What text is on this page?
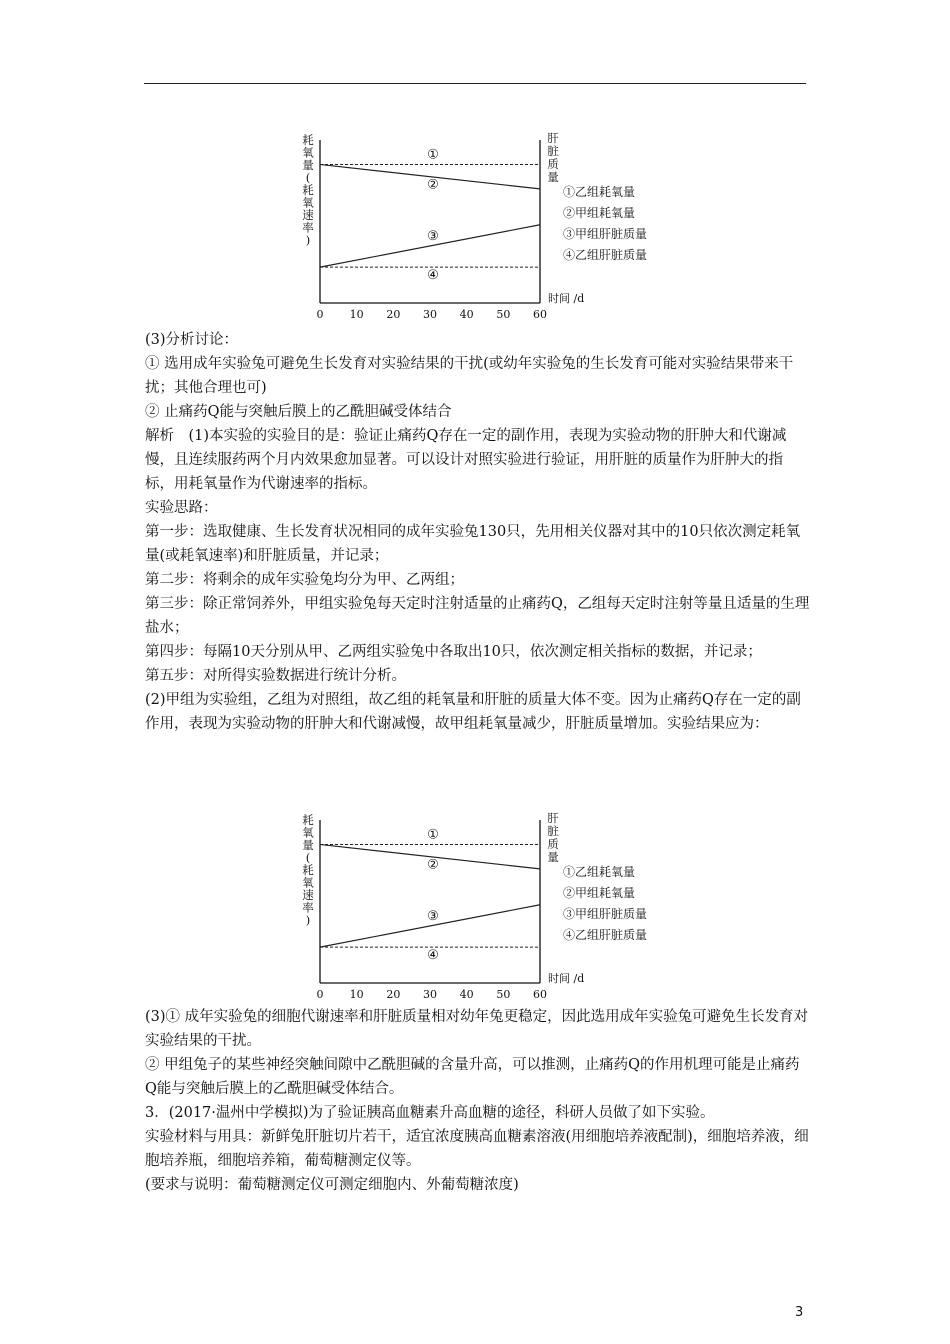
耗
氧
量
(
耗
氧
速
率
)
肝
脏
质
量
0 10 20 30 40 50 60
时间 /d
①
②
③
④
①乙组耗氧量
②甲组耗氧量
③甲组肝脏质量
④乙组肝脏质量

(3)分析讨论：

① 选用成年实验兔可避免生长发育对实验结果的干扰(或幼年实验兔的生长发育可能对实验结果带来干扰；其他合理也可)

② 止痛药Q能与突触后膜上的乙酰胆碱受体结合

解析　(1)本实验的实验目的是：验证止痛药Q存在一定的副作用，表现为实验动物的肝肿大和代谢减慢，且连续服药两个月内效果愈加显著。可以设计对照实验进行验证，用肝脏的质量作为肝肿大的指标，用耗氧量作为代谢速率的指标。

实验思路：

第一步：选取健康、生长发育状况相同的成年实验兔130只，先用相关仪器对其中的10只依次测定耗氧量(或耗氧速率)和肝脏质量，并记录；

第二步：将剩余的成年实验兔均分为甲、乙两组；

第三步：除正常饲养外，甲组实验兔每天定时注射适量的止痛药Q，乙组每天定时注射等量且适量的生理盐水；

第四步：每隔10天分别从甲、乙两组实验兔中各取出10只，依次测定相关指标的数据，并记录；

第五步：对所得实验数据进行统计分析。

(2)甲组为实验组，乙组为对照组，故乙组的耗氧量和肝脏的质量大体不变。因为止痛药Q存在一定的副作用，表现为实验动物的肝肿大和代谢减慢，故甲组耗氧量减少，肝脏质量增加。实验结果应为：

耗
氧
量
(
耗
氧
速
率
)
肝
脏
质
量
0 10 20 30 40 50 60
时间 /d
①
②
③
④
①乙组耗氧量
②甲组耗氧量
③甲组肝脏质量
④乙组肝脏质量

(3)① 成年实验兔的细胞代谢速率和肝脏质量相对幼年兔更稳定，因此选用成年实验兔可避免生长发育对实验结果的干扰。

② 甲组兔子的某些神经突触间隙中乙酰胆碱的含量升高，可以推测，止痛药Q的作用机理可能是止痛药Q能与突触后膜上的乙酰胆碱受体结合。

3．(2017·温州中学模拟)为了验证胰高血糖素升高血糖的途径，科研人员做了如下实验。

实验材料与用具：新鲜兔肝脏切片若干，适宜浓度胰高血糖素溶液(用细胞培养液配制)，细胞培养液，细胞培养瓶，细胞培养箱，葡萄糖测定仪等。

(要求与说明：葡萄糖测定仪可测定细胞内、外葡萄糖浓度)

3
